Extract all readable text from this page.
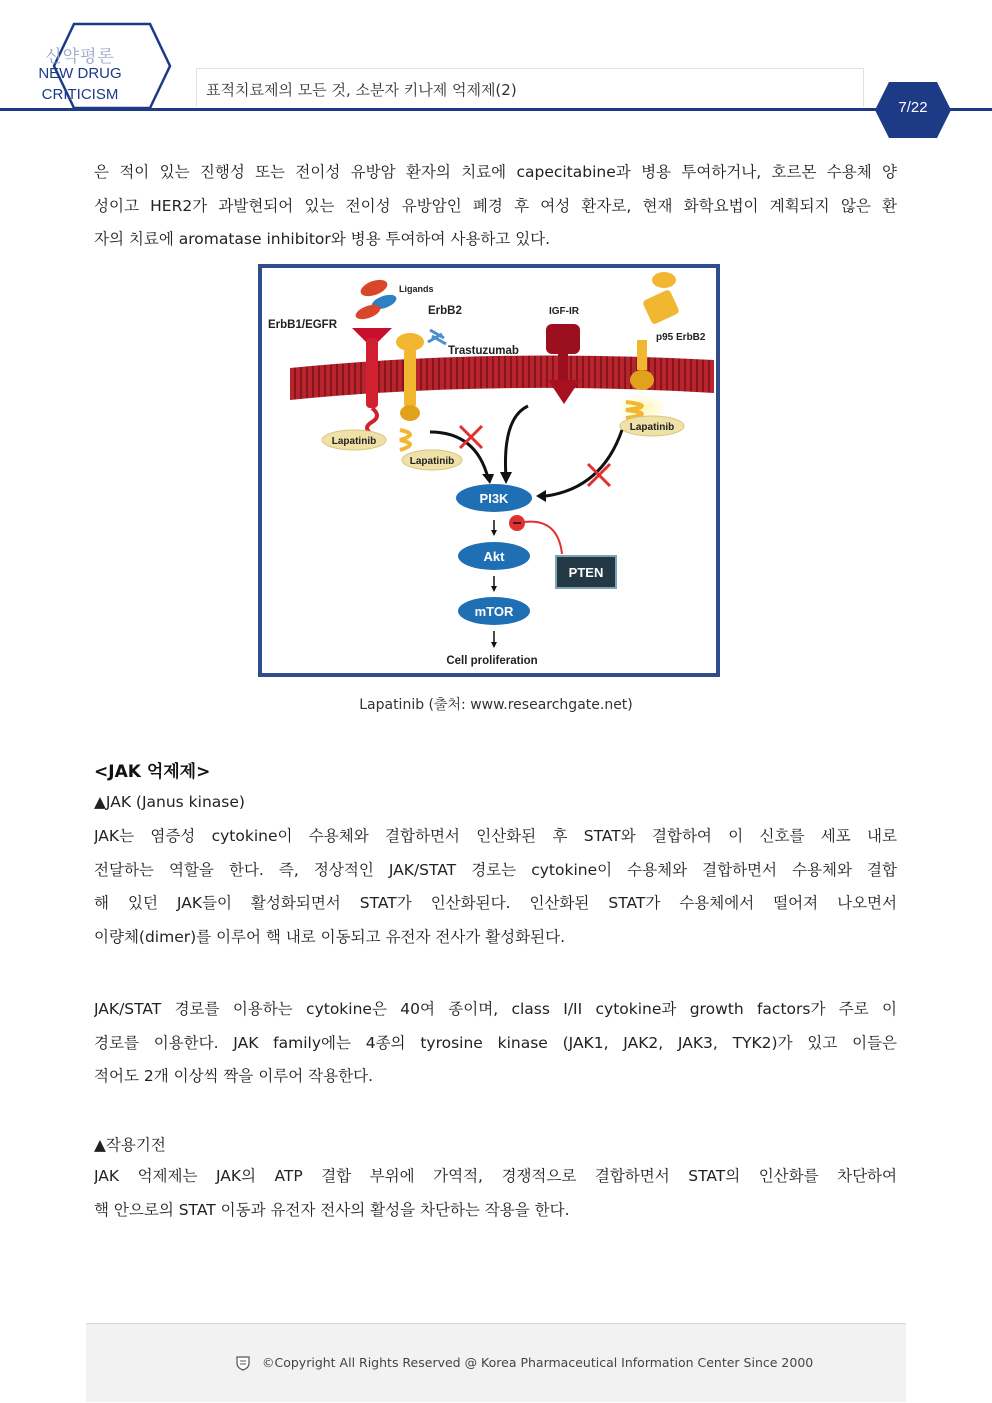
신약평론
NEW DRUG
CRITICISM	표적치료제의 모든 것, 소분자 키나제 억제제(2)
7/22
은 적이 있는 진행성 또는 전이성 유방암 환자의 치료에 capecitabine과 병용 투여하거나, 호르몬 수용체 양
성이고 HER2가 과발현되어 있는 전이성 유방암인 폐경 후 여성 환자로, 현재 화학요법이 계획되지 않은 환
자의 치료에 aromatase inhibitor와 병용 투여하여 사용하고 있다.
Ligands
ErbB1/EGFR
Lapatinib
ErbB2
Trastuzumab
Lapatinib
IGF-IR
p95 ErbB2
Lapatinib
PI3K
Akt
PTEN
mTOR
Cell proliferation
Lapatinib (출처: www.researchgate.net)
<JAK 억제제>
▲JAK (Janus kinase)
JAK는 염증성 cytokine이 수용체와 결합하면서 인산화된 후 STAT와 결합하여 이 신호를 세포 내로
전달하는 역할을 한다. 즉, 정상적인 JAK/STAT 경로는 cytokine이 수용체와 결합하면서 수용체와 결합
해 있던 JAK들이 활성화되면서 STAT가 인산화된다. 인산화된 STAT가 수용체에서 떨어져 나오면서
이량체(dimer)를 이루어 핵 내로 이동되고 유전자 전사가 활성화된다.
JAK/STAT 경로를 이용하는 cytokine은 40여 종이며, class I/II cytokine과 growth factors가 주로 이
경로를 이용한다. JAK family에는 4종의 tyrosine kinase (JAK1, JAK2, JAK3, TYK2)가 있고 이들은
적어도 2개 이상씩 짝을 이루어 작용한다.
▲작용기전
JAK 억제제는 JAK의 ATP 결합 부위에 가역적, 경쟁적으로 결합하면서 STAT의 인산화를 차단하여
핵 안으로의 STAT 이동과 유전자 전사의 활성을 차단하는 작용을 한다.
©Copyright All Rights Reserved @ Korea Pharmaceutical Information Center Since 2000
